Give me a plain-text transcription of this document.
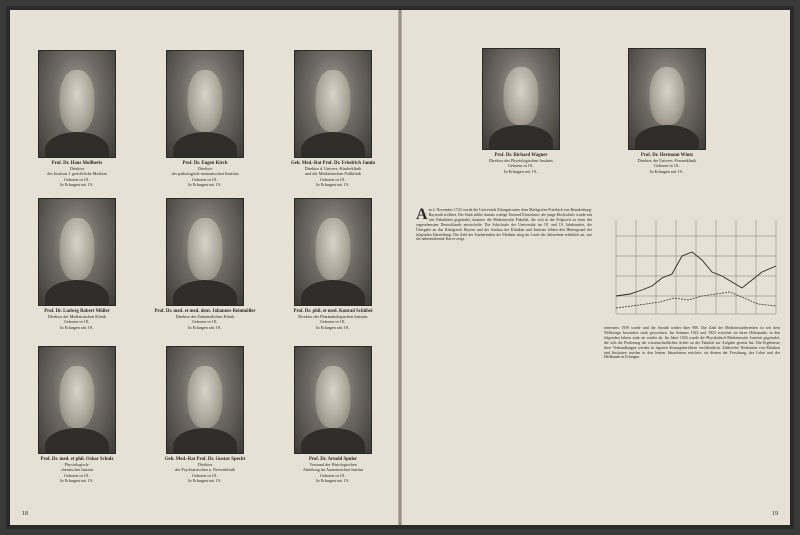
Prof. Dr. Hans Mollheris
Direktor
des Instituts f. gerichtliche Medizin
Geboren in 18..
In Erlangen seit 19..
Prof. Dr. Eugen Kirch
Direktor
des pathologisch-anatomischen Instituts
Geboren in 18..
In Erlangen seit 19..
Geh. Med.-Rat Prof. Dr. Friedrich Jamin
Direktor d. Univers.-Kinderklinik
und der Medizinischen Poliklinik
Geboren in 18..
In Erlangen seit 19..
Prof. Dr. Ludwig Robert Müller
Direktor der Medizinischen Klinik
Geboren in 18..
In Erlangen seit 19..
Prof. Dr. med. et med. dent. Johannes Reinmöller
Direktor der Zahnärztlichen Klinik
Geboren in 18..
In Erlangen seit 19..
Prof. Dr. phil. et med. Konrad Schübel
Direktor des Pharmakologischen Instituts
Geboren in 18..
In Erlangen seit 19..
Prof. Dr. med. et phil. Oskar Schulz
Physiologisch-
chemisches Institut
Geboren in 18..
In Erlangen seit 19..
Geh. Med.-Rat Prof. Dr. Gustav Specht
Direktor
der Psychiatrischen u. Nervenklinik
Geboren in 18..
In Erlangen seit 19..
Prof. Dr. Arnold Spuler
Vorstand der Histologischen
Abteilung im Anatomischen Institut
Geboren in 18..
In Erlangen seit 19..
18
Prof. Dr. Richard Wagner
Direktor des Physiologischen Instituts
Geboren in 18..
In Erlangen seit 19..
Prof. Dr. Hermann Wintz
Direktor der Univers.-Frauenklinik
Geboren in 18..
In Erlangen seit 19..

Am 4. November 1743 wurde die Universität Erlangen unter dem Markgrafen Friedrich von Brandenburg-Bayreuth eröffnet. Die Stadt zählte damals wenige Tausend Einwohner; die junge Hochschule wurde mit vier Fakultäten gegründet, darunter die Medizinische Fakultät, die sich in der Folgezeit zu einer der angesehensten Deutschlands entwickelte. Die Schicksale der Universität im 18. und 19. Jahrhundert, die Übergabe an das Königreich Bayern und der Ausbau der Kliniken und Institute bilden den Hintergrund der folgenden Darstellung. Die Zahl der Studierenden der Medizin stieg im Laufe der Jahrzehnte erheblich an, wie die nebenstehende Kurve zeigt.

semesters 1939 wurde und die Anzahl wieder über 900. Die Zahl der Medizinstudierenden ist seit dem Weltkriege besonders stark gewachsen. Im Sommer 1922 und 1923 erreichte sie ihren Höhepunkt; in den folgenden Jahren sank sie wieder ab. Im Jahre 1926 wurde die Physikalisch-Medizinische Sozietät gegründet, die sich die Förderung der wissenschaftlichen Arbeit an der Fakultät zur Aufgabe gesetzt hat. Die Ergebnisse ihrer Verhandlungen werden in eigenen Sitzungsberichten veröffentlicht. Zahlreiche Neubauten von Kliniken und Instituten wurden in den letzten Jahrzehnten errichtet; sie dienen der Forschung, der Lehre und der Heilkunde in Erlangen.

19
